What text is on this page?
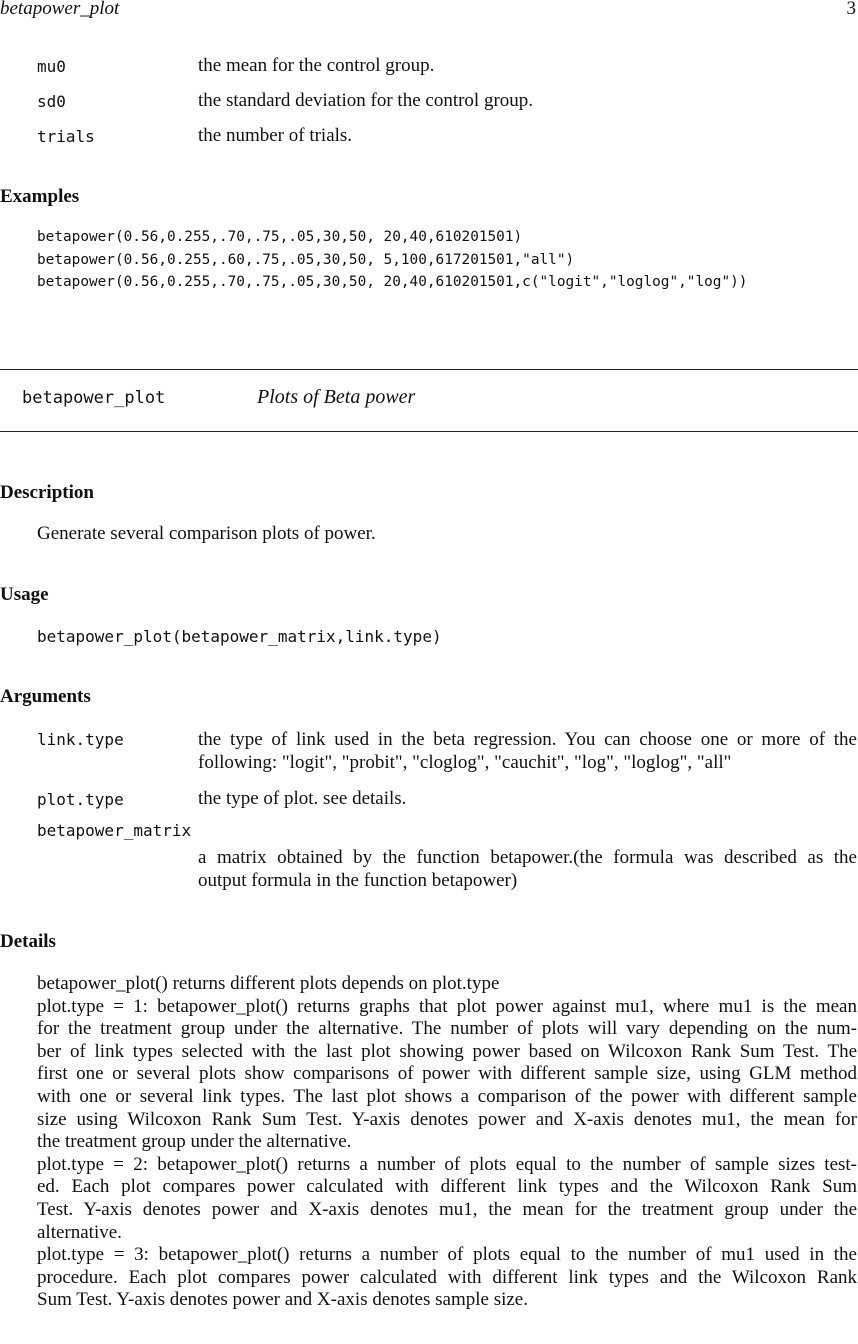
betapower_plot	3
mu0	the mean for the control group.
sd0	the standard deviation for the control group.
trials	the number of trials.
Examples
betapower(0.56,0.255,.70,.75,.05,30,50, 20,40,610201501)
betapower(0.56,0.255,.60,.75,.05,30,50, 5,100,617201501,"all")
betapower(0.56,0.255,.70,.75,.05,30,50, 20,40,610201501,c("logit","loglog","log"))
betapower_plot	Plots of Beta power
Description
Generate several comparison plots of power.
Usage
betapower_plot(betapower_matrix,link.type)
Arguments
link.type	the type of link used in the beta regression. You can choose one or more of the
following: "logit", "probit", "cloglog", "cauchit", "log", "loglog", "all"

plot.type	the type of plot. see details.
betapower_matrix

a matrix obtained by the function betapower.(the formula was described as the
output formula in the function betapower)

Details

betapower_plot() returns different plots depends on plot.type
plot.type = 1: betapower_plot() returns graphs that plot power against mu1, where mu1 is the mean
for the treatment group under the alternative. The number of plots will vary depending on the num-
ber of link types selected with the last plot showing power based on Wilcoxon Rank Sum Test. The
first one or several plots show comparisons of power with different sample size, using GLM method
with one or several link types. The last plot shows a comparison of the power with different sample
size using Wilcoxon Rank Sum Test. Y-axis denotes power and X-axis denotes mu1, the mean for
the treatment group under the alternative.
plot.type = 2: betapower_plot() returns a number of plots equal to the number of sample sizes test-
ed. Each plot compares power calculated with different link types and the Wilcoxon Rank Sum
Test. Y-axis denotes power and X-axis denotes mu1, the mean for the treatment group under the
alternative.
plot.type = 3: betapower_plot() returns a number of plots equal to the number of mu1 used in the
procedure. Each plot compares power calculated with different link types and the Wilcoxon Rank
Sum Test. Y-axis denotes power and X-axis denotes sample size.
